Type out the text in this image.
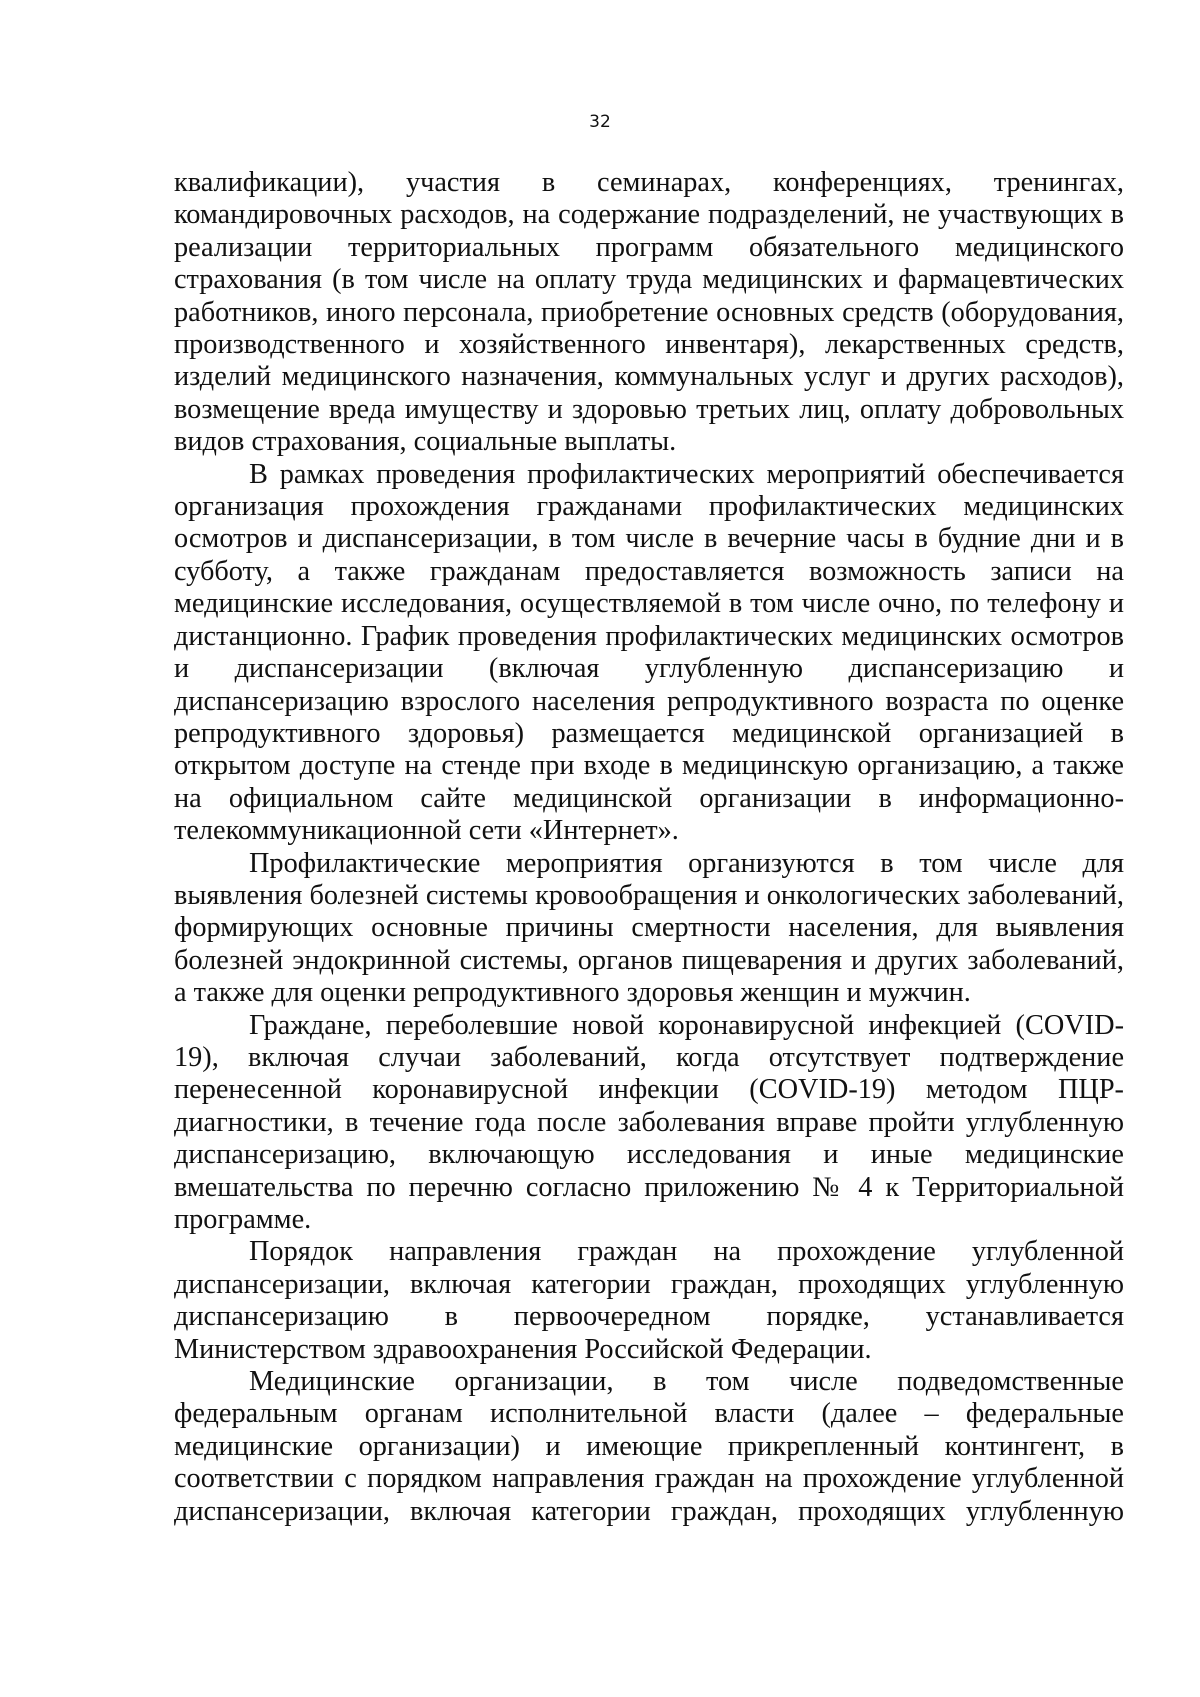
32

квалификации), участия в семинарах, конференциях, тренингах, командировочных расходов, на содержание подразделений, не участвующих в реализации территориальных программ обязательного медицинского страхования (в том числе на оплату труда медицинских и фармацевтических работников, иного персонала, приобретение основных средств (оборудования, производственного и хозяйственного инвентаря), лекарственных средств, изделий медицинского назначения, коммунальных услуг и других расходов), возмещение вреда имуществу и здоровью третьих лиц, оплату добровольных видов страхования, социальные выплаты.

В рамках проведения профилактических мероприятий обеспечивается организация прохождения гражданами профилактических медицинских осмотров и диспансеризации, в том числе в вечерние часы в будние дни и в субботу, а также гражданам предоставляется возможность записи на медицинские исследования, осуществляемой в том числе очно, по телефону и дистанционно. График проведения профилактических медицинских осмотров и диспансеризации (включая углубленную диспансеризацию и диспансеризацию взрослого населения репродуктивного возраста по оценке репродуктивного здоровья) размещается медицинской организацией в открытом доступе на стенде при входе в медицинскую организацию, а также на официальном сайте медицинской организации в информационно-телекоммуникационной сети «Интернет».

Профилактические мероприятия организуются в том числе для выявления болезней системы кровообращения и онкологических заболеваний, формирующих основные причины смертности населения, для выявления болезней эндокринной системы, органов пищеварения и других заболеваний, а также для оценки репродуктивного здоровья женщин и мужчин.

Граждане, переболевшие новой коронавирусной инфекцией (COVID-19), включая случаи заболеваний, когда отсутствует подтверждение перенесенной коронавирусной инфекции (COVID-19) методом ПЦР-диагностики, в течение года после заболевания вправе пройти углубленную диспансеризацию, включающую исследования и иные медицинские вмешательства по перечню согласно приложению № 4 к Территориальной программе.

Порядок направления граждан на прохождение углубленной диспансеризации, включая категории граждан, проходящих углубленную диспансеризацию в первоочередном порядке, устанавливается Министерством здравоохранения Российской Федерации.

Медицинские организации, в том числе подведомственные федеральным органам исполнительной власти (далее – федеральные медицинские организации) и имеющие прикрепленный контингент, в соответствии с порядком направления граждан на прохождение углубленной диспансеризации, включая категории граждан, проходящих углубленную
